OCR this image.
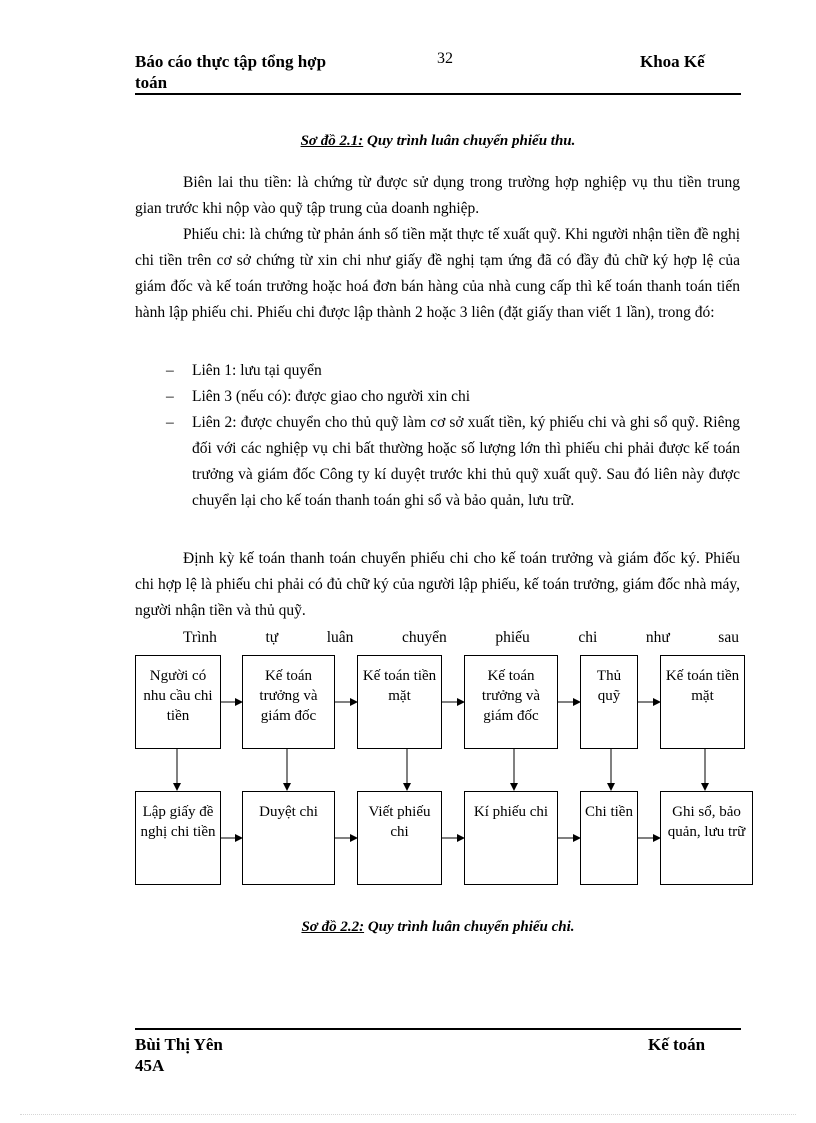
Báo cáo thực tập tổng hợp
toán
32	Khoa Kế
Sơ đồ 2.1: Quy trình luân chuyển phiếu thu.
Biên lai thu tiền: là chứng từ được sử dụng trong trường hợp nghiệp vụ thu tiền trung gian trước khi nộp vào quỹ tập trung của doanh nghiệp.
Phiếu chi: là chứng từ phản ánh số tiền mặt thực tế xuất quỹ. Khi người nhận tiền đề nghị chi tiền trên cơ sở chứng từ xin chi như giấy đề nghị tạm ứng đã có đầy đủ chữ ký hợp lệ của giám đốc và kế toán trưởng hoặc hoá đơn bán hàng của nhà cung cấp thì kế toán thanh toán tiến hành lập phiếu chi. Phiếu chi được lập thành 2 hoặc 3 liên (đặt giấy than viết 1 lần), trong đó:
– Liên 1: lưu tại quyển
– Liên 3 (nếu có): được giao cho người xin chi
– Liên 2: được chuyển cho thủ quỹ làm cơ sở xuất tiền, ký phiếu chi và ghi sổ quỹ. Riêng đối với các nghiệp vụ chi bất thường hoặc số lượng lớn thì phiếu chi phải được kế toán trưởng và giám đốc Công ty kí duyệt trước khi thủ quỹ xuất quỹ. Sau đó liên này được chuyển lại cho kế toán thanh toán ghi sổ và bảo quản, lưu trữ.
Định kỳ kế toán thanh toán chuyển phiếu chi cho kế toán trưởng và giám đốc ký. Phiếu chi hợp lệ là phiếu chi phải có đủ chữ ký của người lập phiếu, kế toán trưởng, giám đốc nhà máy, người nhận tiền và thủ quỹ.
Trình	tự	luân	chuyển	phiếu	chi	như	sau
Người có nhu cầu chi tiền
Kế toán trưởng và giám đốc
Kế toán tiền mặt
Kế toán trưởng và giám đốc
Thủ quỹ
Kế toán tiền mặt
Lập giấy đề nghị chi tiền
Duyệt chi	Viết phiếu chi
Kí phiếu chi	Chi tiền	Ghi sổ, bảo quản, lưu trữ
Sơ đồ 2.2: Quy trình luân chuyển phiếu chi.
Bùi Thị Yên
45A
Kế toán
